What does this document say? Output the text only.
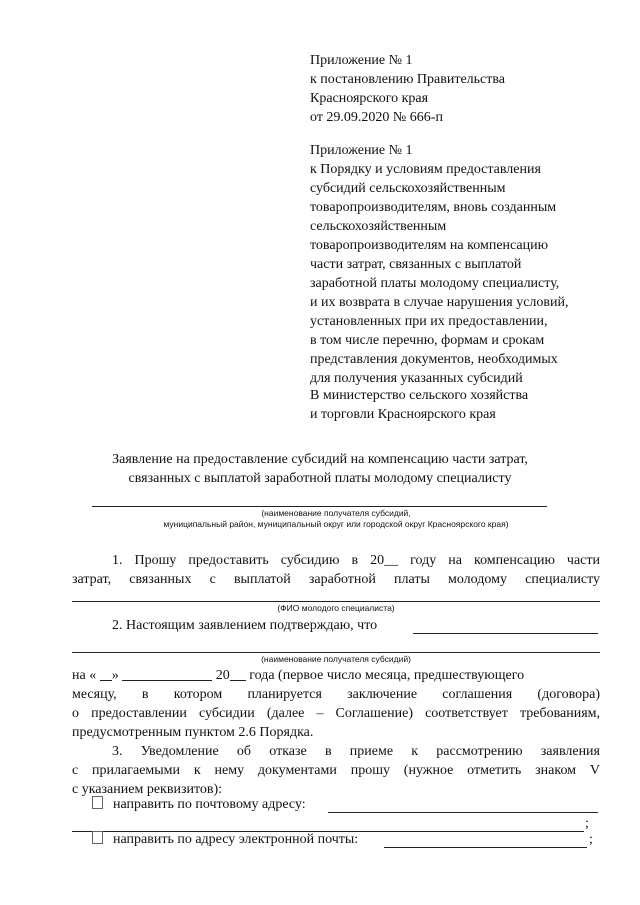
Приложение № 1
к постановлению Правительства
Красноярского края
от 29.09.2020 № 666-п
Приложение № 1
к Порядку и условиям предоставления
субсидий сельскохозяйственным
товаропроизводителям, вновь созданным
сельскохозяйственным
товаропроизводителям на компенсацию
части затрат, связанных с выплатой
заработной платы молодому специалисту,
и их возврата в случае нарушения условий,
установленных при их предоставлении,
в том числе перечню, формам и срокам
представления документов, необходимых
для получения указанных субсидий
В министерство сельского хозяйства
и торговли Красноярского края
Заявление на предоставление субсидий на компенсацию части затрат,
связанных с выплатой заработной платы молодому специалисту
(наименование получателя субсидий,
муниципальный район, муниципальный округ или городской округ Красноярского края)
1. Прошу предоставить субсидию в 20__ году на компенсацию части
затрат, связанных с выплатой заработной платы молодому специалисту
(ФИО молодого специалиста)
2. Настоящим заявлением подтверждаю, что
(наименование получателя субсидий)
на « »	20 года (первое число месяца, предшествующего
месяцу, в котором планируется заключение соглашения (договора)
о предоставлении субсидии (далее – Соглашение) соответствует требованиям,
предусмотренным пунктом 2.6 Порядка.
3. Уведомление об отказе в приеме к рассмотрению заявления
с прилагаемыми к нему документами прошу (нужное отметить знаком V
с указанием реквизитов):
направить по почтовому адресу:
;
направить по адресу электронной почты:	;
